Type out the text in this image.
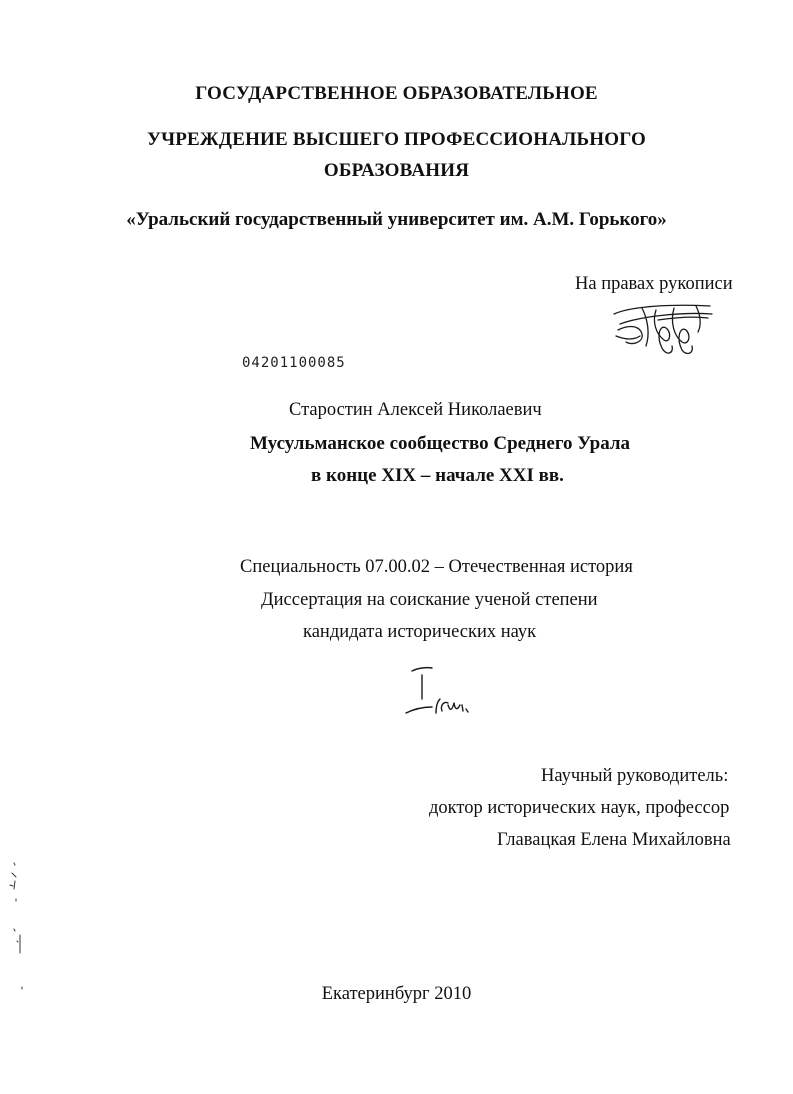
ГОСУДАРСТВЕННОЕ ОБРАЗОВАТЕЛЬНОЕ
УЧРЕЖДЕНИЕ ВЫСШЕГО ПРОФЕССИОНАЛЬНОГО
ОБРАЗОВАНИЯ
«Уральский государственный университет им. А.М. Горького»
На правах рукописи
04201100085
Старостин Алексей Николаевич
Мусульманское сообщество Среднего Урала
в конце XIX – начале XXI вв.
Специальность 07.00.02 – Отечественная история
Диссертация на соискание ученой степени
кандидата исторических наук
Научный руководитель:
доктор исторических наук, профессор
Главацкая Елена Михайловна
Екатеринбург 2010
